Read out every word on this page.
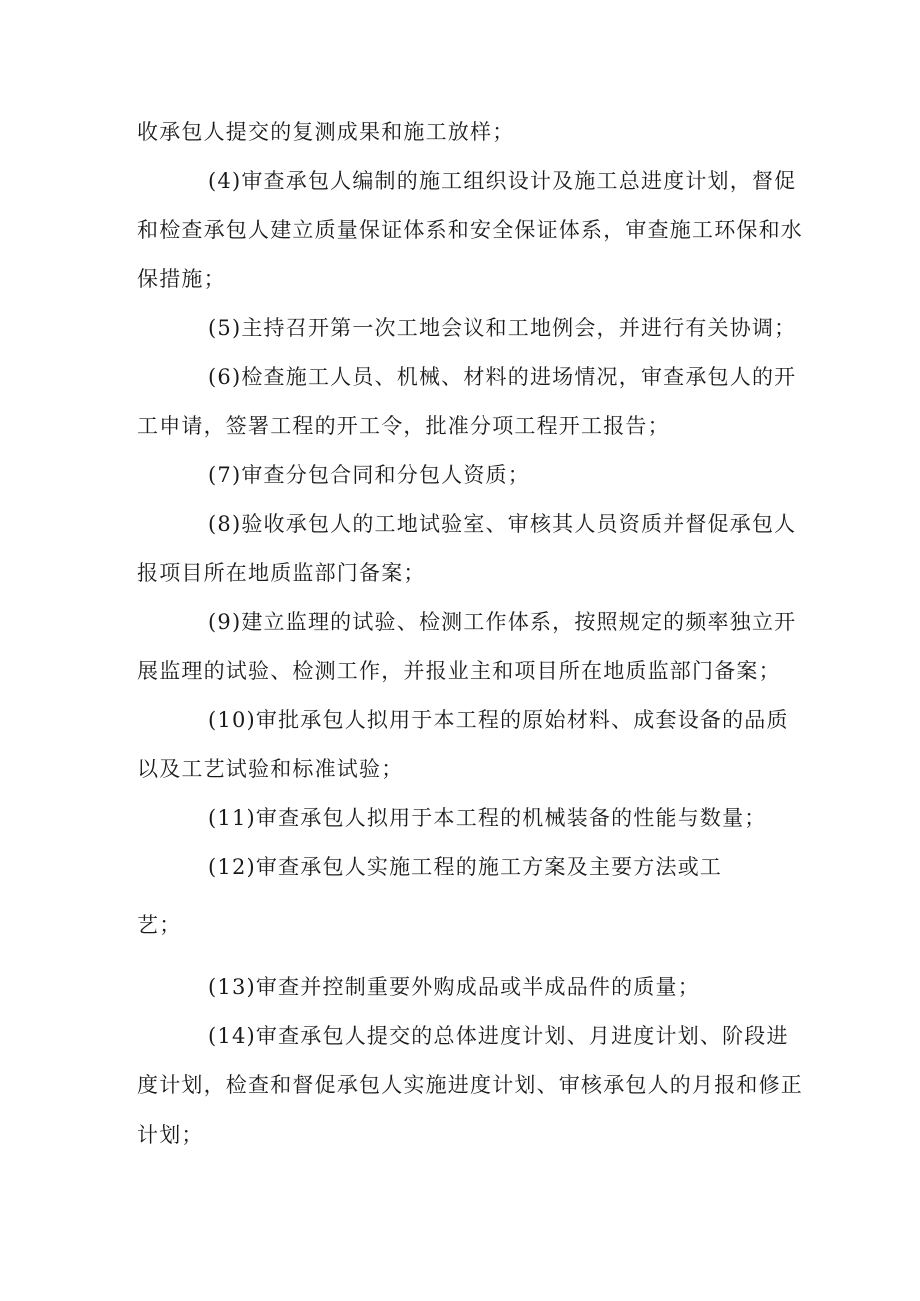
收承包人提交的复测成果和施工放样；
(4)审查承包人编制的施工组织设计及施工总进度计划，督促
和检查承包人建立质量保证体系和安全保证体系，审查施工环保和水
保措施；
(5)主持召开第一次工地会议和工地例会，并进行有关协调；
(6)检查施工人员、机械、材料的进场情况，审查承包人的开
工申请，签署工程的开工令，批准分项工程开工报告；
(7)审查分包合同和分包人资质；
(8)验收承包人的工地试验室、审核其人员资质并督促承包人
报项目所在地质监部门备案；
(9)建立监理的试验、检测工作体系，按照规定的频率独立开
展监理的试验、检测工作，并报业主和项目所在地质监部门备案；
(10)审批承包人拟用于本工程的原始材料、成套设备的品质
以及工艺试验和标准试验；
(11)审查承包人拟用于本工程的机械装备的性能与数量；
(12)审查承包人实施工程的施工方案及主要方法或工
艺；
(13)审查并控制重要外购成品或半成品件的质量；
(14)审查承包人提交的总体进度计划、月进度计划、阶段进
度计划，检查和督促承包人实施进度计划、审核承包人的月报和修正
计划；
